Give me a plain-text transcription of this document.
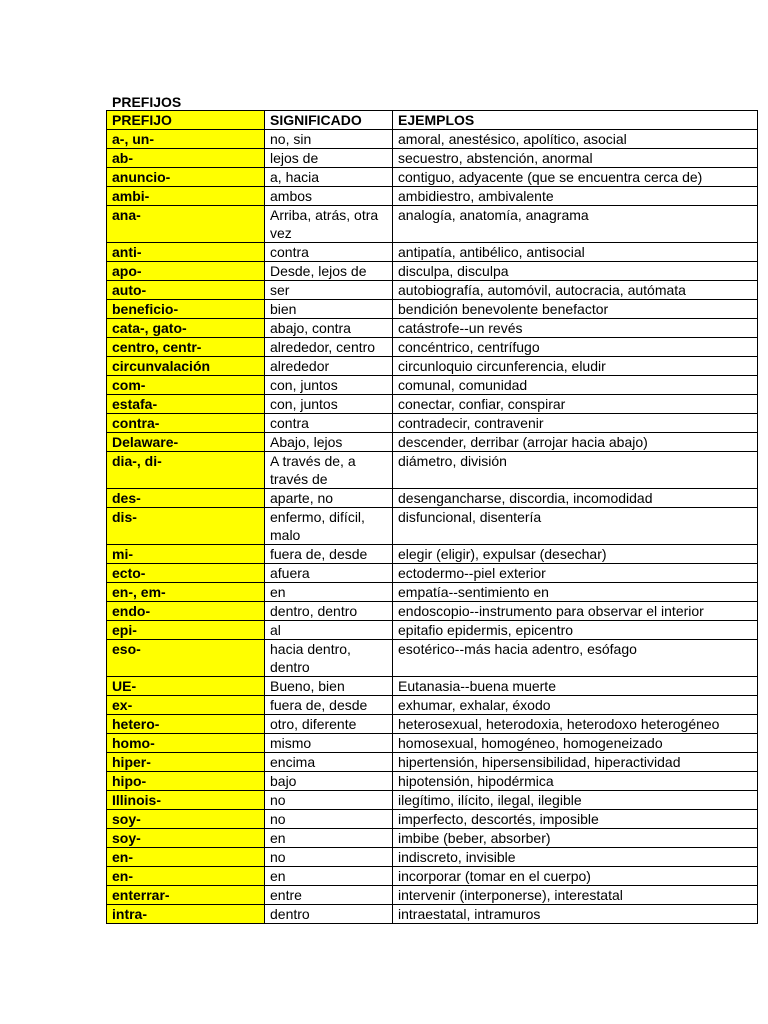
PREFIJOS
PREFIJO	SIGNIFICADO	EJEMPLOS
a-, un-	no, sin	amoral, anestésico, apolítico, asocial
ab-	lejos de	secuestro, abstención, anormal
anuncio-	a, hacia	contiguo, adyacente (que se encuentra cerca de)
ambi-	ambos	ambidiestro, ambivalente
ana-	Arriba, atrás, otra vez	analogía, anatomía, anagrama
anti-	contra	antipatía, antibélico, antisocial
apo-	Desde, lejos de	disculpa, disculpa
auto-	ser	autobiografía, automóvil, autocracia, autómata
beneficio-	bien	bendición benevolente benefactor
cata-, gato-	abajo, contra	catástrofe--un revés
centro, centr-	alrededor, centro	concéntrico, centrífugo
circunvalación	alrededor	circunloquio circunferencia, eludir
com-	con, juntos	comunal, comunidad
estafa-	con, juntos	conectar, confiar, conspirar
contra-	contra	contradecir, contravenir
Delaware-	Abajo, lejos	descender, derribar (arrojar hacia abajo)
dia-, di-	A través de, a través de	diámetro, división
des-	aparte, no	desengancharse, discordia, incomodidad
dis-	enfermo, difícil, malo	disfuncional, disentería
mi-	fuera de, desde	elegir (eligir), expulsar (desechar)
ecto-	afuera	ectodermo--piel exterior
en-, em-	en	empatía--sentimiento en
endo-	dentro, dentro	endoscopio--instrumento para observar el interior
epi-	al	epitafio epidermis, epicentro
eso-	hacia dentro, dentro	esotérico--más hacia adentro, esófago
UE-	Bueno, bien	Eutanasia--buena muerte
ex-	fuera de, desde	exhumar, exhalar, éxodo
hetero-	otro, diferente	heterosexual, heterodoxia, heterodoxo heterogéneo
homo-	mismo	homosexual, homogéneo, homogeneizado
hiper-	encima	hipertensión, hipersensibilidad, hiperactividad
hipo-	bajo	hipotensión, hipodérmica
Illinois-	no	ilegítimo, ilícito, ilegal, ilegible
soy-	no	imperfecto, descortés, imposible
soy-	en	imbibe (beber, absorber)
en-	no	indiscreto, invisible
en-	en	incorporar (tomar en el cuerpo)
enterrar-	entre	intervenir (interponerse), interestatal
intra-	dentro	intraestatal, intramuros
